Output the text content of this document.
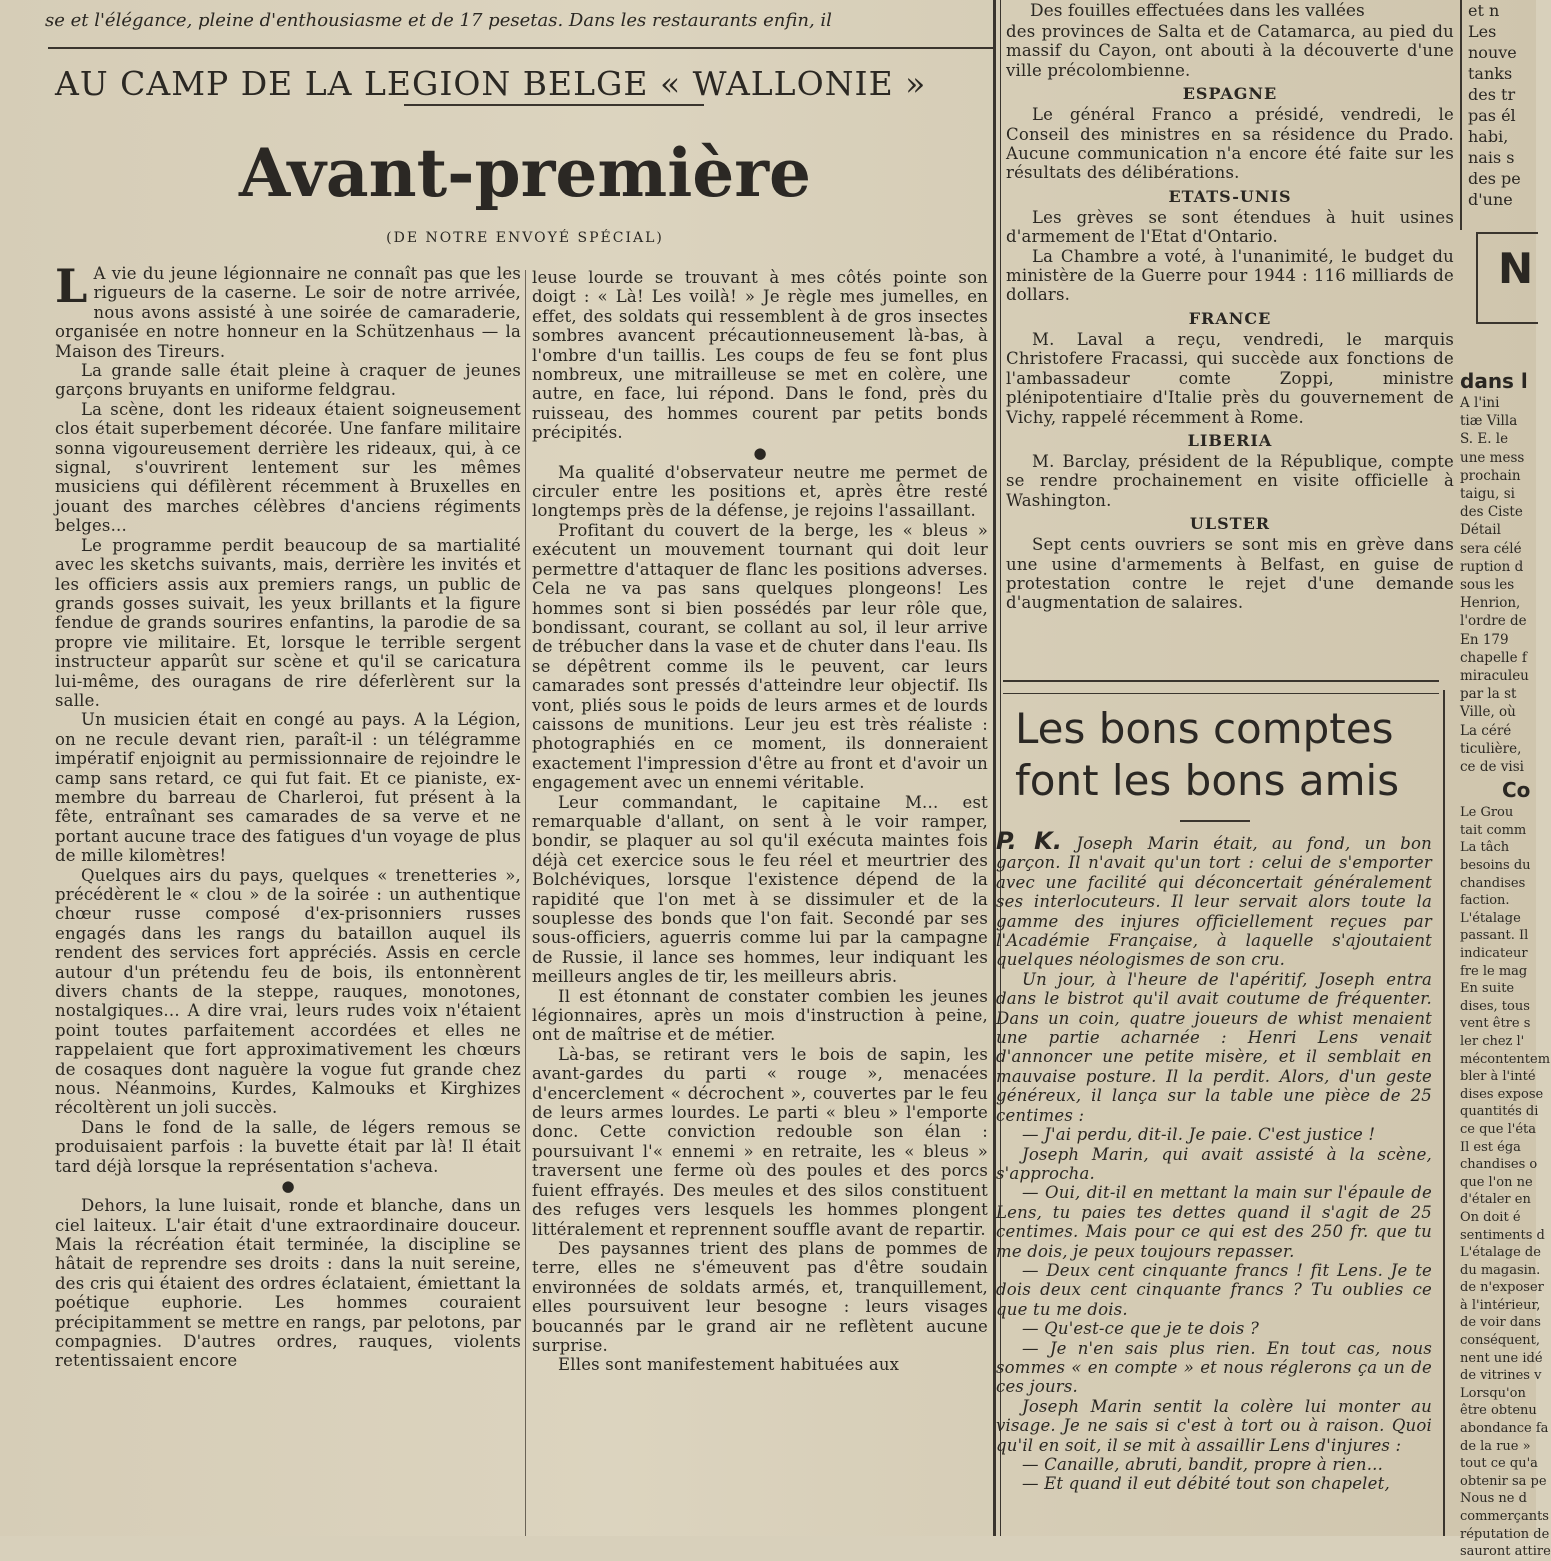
se et l'élégance, pleine d'enthousiasme et de 17 pesetas. Dans les restaurants enfin, il	Des fouilles effectuées dans les vallées

AU CAMP DE LA LEGION BELGE « WALLONIE »
Avant-première
(DE NOTRE ENVOYÉ SPÉCIAL)

L A vie du jeune légionnaire ne connaît pas que les rigueurs de la caserne. Le soir de notre arrivée, nous avons assisté à une soirée de camaraderie, organisée en notre honneur en la Schützenhaus — la Maison des Tireurs.

La grande salle était pleine à craquer de jeunes garçons bruyants en uniforme feldgrau.

La scène, dont les rideaux étaient soigneusement clos était superbement décorée. Une fanfare militaire sonna vigoureusement derrière les rideaux, qui, à ce signal, s'ouvrirent lentement sur les mêmes musiciens qui défilèrent récemment à Bruxelles en jouant des marches célèbres d'anciens régiments belges...

Le programme perdit beaucoup de sa martialité avec les sketchs suivants, mais, derrière les invités et les officiers assis aux premiers rangs, un public de grands gosses suivait, les yeux brillants et la figure fendue de grands sourires enfantins, la parodie de sa propre vie militaire. Et, lorsque le terrible sergent instructeur apparût sur scène et qu'il se caricatura lui-même, des ouragans de rire déferlèrent sur la salle.

Un musicien était en congé au pays. A la Légion, on ne recule devant rien, paraît-il : un télégramme impératif enjoignit au permissionnaire de rejoindre le camp sans retard, ce qui fut fait. Et ce pianiste, ex-membre du barreau de Charleroi, fut présent à la fête, entraînant ses camarades de sa verve et ne portant aucune trace des fatigues d'un voyage de plus de mille kilomètres!

Quelques airs du pays, quelques « trenetteries », précédèrent le « clou » de la soirée : un authentique chœur russe composé d'ex-prisonniers russes engagés dans les rangs du bataillon auquel ils rendent des services fort appréciés. Assis en cercle autour d'un prétendu feu de bois, ils entonnèrent divers chants de la steppe, rauques, monotones, nostalgiques... A dire vrai, leurs rudes voix n'étaient point toutes parfaitement accordées et elles ne rappelaient que fort approximativement les chœurs de cosaques dont naguère la vogue fut grande chez nous. Néanmoins, Kurdes, Kalmouks et Kirghizes récoltèrent un joli succès.

Dans le fond de la salle, de légers remous se produisaient parfois : la buvette était par là! Il était tard déjà lorsque la représentation s'acheva.

●

Dehors, la lune luisait, ronde et blanche, dans un ciel laiteux. L'air était d'une extraordinaire douceur. Mais la récréation était terminée, la discipline se hâtait de reprendre ses droits : dans la nuit sereine, des cris qui étaient des ordres éclataient, émiettant la poétique euphorie. Les hommes couraient précipitamment se mettre en rangs, par pelotons, par compagnies. D'autres ordres, rauques, violents retentissaient encore

leuse lourde se trouvant à mes côtés pointe son doigt : « Là! Les voilà! » Je règle mes jumelles, en effet, des soldats qui ressemblent à de gros insectes sombres avancent précautionneusement là-bas, à l'ombre d'un taillis. Les coups de feu se font plus nombreux, une mitrailleuse se met en colère, une autre, en face, lui répond. Dans le fond, près du ruisseau, des hommes courent par petits bonds précipités.

●

Ma qualité d'observateur neutre me permet de circuler entre les positions et, après être resté longtemps près de la défense, je rejoins l'assaillant.

Profitant du couvert de la berge, les « bleus » exécutent un mouvement tournant qui doit leur permettre d'attaquer de flanc les positions adverses. Cela ne va pas sans quelques plongeons! Les hommes sont si bien possédés par leur rôle que, bondissant, courant, se collant au sol, il leur arrive de trébucher dans la vase et de chuter dans l'eau. Ils se dépêtrent comme ils le peuvent, car leurs camarades sont pressés d'atteindre leur objectif. Ils vont, pliés sous le poids de leurs armes et de lourds caissons de munitions. Leur jeu est très réaliste : photographiés en ce moment, ils donneraient exactement l'impression d'être au front et d'avoir un engagement avec un ennemi véritable.

Leur commandant, le capitaine M... est remarquable d'allant, on sent à le voir ramper, bondir, se plaquer au sol qu'il exécuta maintes fois déjà cet exercice sous le feu réel et meurtrier des Bolchéviques, lorsque l'existence dépend de la rapidité que l'on met à se dissimuler et de la souplesse des bonds que l'on fait. Secondé par ses sous-officiers, aguerris comme lui par la campagne de Russie, il lance ses hommes, leur indiquant les meilleurs angles de tir, les meilleurs abris.

Il est étonnant de constater combien les jeunes légionnaires, après un mois d'instruction à peine, ont de maîtrise et de métier.

Là-bas, se retirant vers le bois de sapin, les avant-gardes du parti « rouge », menacées d'encerclement « décrochent », couvertes par le feu de leurs armes lourdes. Le parti « bleu » l'emporte donc. Cette conviction redouble son élan : poursuivant l'« ennemi » en retraite, les « bleus » traversent une ferme où des poules et des porcs fuient effrayés. Des meules et des silos constituent des refuges vers lesquels les hommes plongent littéralement et reprennent souffle avant de repartir.

Des paysannes trient des plans de pommes de terre, elles ne s'émeuvent pas d'être soudain environnées de soldats armés, et, tranquillement, elles poursuivent leur besogne : leurs visages boucannés par le grand air ne reflètent aucune surprise.

Elles sont manifestement habituées aux

des provinces de Salta et de Catamarca, au pied du massif du Cayon, ont abouti à la découverte d'une ville précolombienne.

ESPAGNE

Le général Franco a présidé, vendredi, le Conseil des ministres en sa résidence du Prado. Aucune communication n'a encore été faite sur les résultats des délibérations.

ETATS-UNIS

Les grèves se sont étendues à huit usines d'armement de l'Etat d'Ontario.

La Chambre a voté, à l'unanimité, le budget du ministère de la Guerre pour 1944 : 116 milliards de dollars.

FRANCE

M. Laval a reçu, vendredi, le marquis Christofere Fracassi, qui succède aux fonctions de l'ambassadeur comte Zoppi, ministre plénipotentiaire d'Italie près du gouvernement de Vichy, rappelé récemment à Rome.

LIBERIA

M. Barclay, président de la République, compte se rendre prochainement en visite officielle à Washington.

ULSTER

Sept cents ouvriers se sont mis en grève dans une usine d'armements à Belfast, en guise de protestation contre le rejet d'une demande d'augmentation de salaires.

Les bons comptes font les bons amis

P. K. Joseph Marin était, au fond, un bon garçon. Il n'avait qu'un tort : celui de s'emporter avec une facilité qui déconcertait généralement ses interlocuteurs. Il leur servait alors toute la gamme des injures officiellement reçues par l'Académie Française, à laquelle s'ajoutaient quelques néologismes de son cru.

Un jour, à l'heure de l'apéritif, Joseph entra dans le bistrot qu'il avait coutume de fréquenter. Dans un coin, quatre joueurs de whist menaient une partie acharnée : Henri Lens venait d'annoncer une petite misère, et il semblait en mauvaise posture. Il la perdit. Alors, d'un geste généreux, il lança sur la table une pièce de 25 centimes :

— J'ai perdu, dit-il. Je paie. C'est justice !

Joseph Marin, qui avait assisté à la scène, s'approcha.

— Oui, dit-il en mettant la main sur l'épaule de Lens, tu paies tes dettes quand il s'agit de 25 centimes. Mais pour ce qui est des 250 fr. que tu me dois, je peux toujours repasser.

— Deux cent cinquante francs ! fit Lens. Je te dois deux cent cinquante francs ? Tu oublies ce que tu me dois.

— Qu'est-ce que je te dois ?

— Je n'en sais plus rien. En tout cas, nous sommes « en compte » et nous réglerons ça un de ces jours.

Joseph Marin sentit la colère lui monter au visage. Je ne sais si c'est à tort ou à raison. Quoi qu'il en soit, il se mit à assaillir Lens d'injures :

— Canaille, abruti, bandit, propre à rien...

— Et quand il eut débité tout son chapelet,

et n

Les

nouve

tanks

des tr

pas él

habi,

nais s

des pe

d'une

N
dans l

A l'ini

tiæ Villa

S. E. le

une mess

prochain

taigu, si

des Ciste

Détail

sera célé

ruption d

sous les

Henrion,

l'ordre de

En 179

chapelle f

miraculeu

par la st

Ville, où

La céré

ticulière,

ce de visi

Co

Le Grou

tait comm

La tâch

besoins du

chandises

faction.

L'étalage

passant. Il

indicateur

fre le mag

En suite

dises, tous

vent être s

ler chez l'

mécontentem

bler à l'inté

dises expose

quantités di

ce que l'éta

Il est éga

chandises o

que l'on ne

d'étaler en

On doit é

sentiments d

L'étalage de

du magasin.

de n'exposer

à l'intérieur,

de voir dans

conséquent,

nent une idé

de vitrines v

Lorsqu'on

être obtenu

abondance fa

de la rue »

tout ce qu'a

obtenir sa pe

Nous ne d

commerçants

réputation de

sauront attire
